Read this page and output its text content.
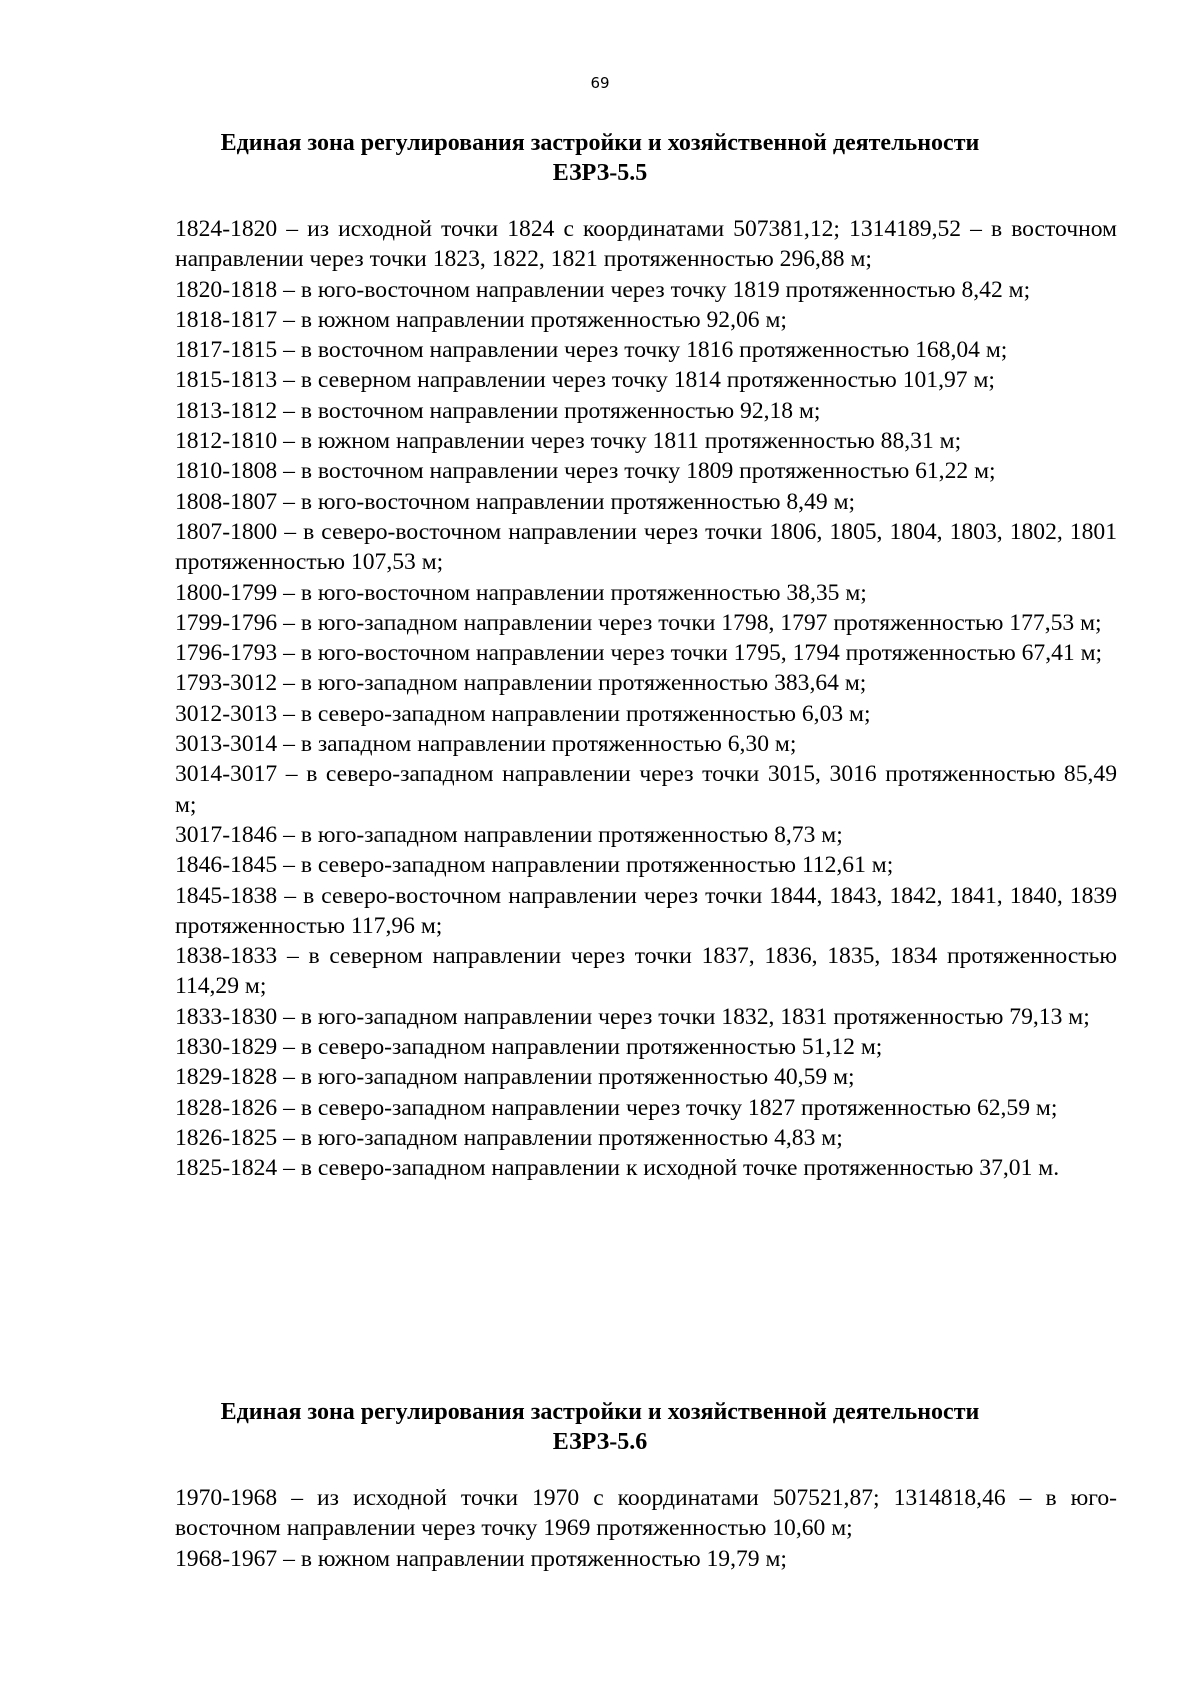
69
Единая зона регулирования застройки и хозяйственной деятельности
ЕЗРЗ-5.5
1824-1820 – из исходной точки 1824 с координатами 507381,12; 1314189,52 – в восточном направлении через точки 1823, 1822, 1821 протяженностью 296,88 м;
1820-1818 – в юго-восточном направлении через точку 1819 протяженностью 8,42 м;
1818-1817 – в южном направлении протяженностью 92,06 м;
1817-1815 – в восточном направлении через точку 1816 протяженностью 168,04 м;
1815-1813 – в северном направлении через точку 1814 протяженностью 101,97 м;
1813-1812 – в восточном направлении протяженностью 92,18 м;
1812-1810 – в южном направлении через точку 1811 протяженностью 88,31 м;
1810-1808 – в восточном направлении через точку 1809 протяженностью 61,22 м;
1808-1807 – в юго-восточном направлении протяженностью 8,49 м;
1807-1800 – в северо-восточном направлении через точки 1806, 1805, 1804, 1803, 1802, 1801 протяженностью 107,53 м;
1800-1799 – в юго-восточном направлении протяженностью 38,35 м;
1799-1796 – в юго-западном направлении через точки 1798, 1797 протяженностью 177,53 м;
1796-1793 – в юго-восточном направлении через точки 1795, 1794 протяженностью 67,41 м;
1793-3012 – в юго-западном направлении протяженностью 383,64 м;
3012-3013 – в северо-западном направлении протяженностью 6,03 м;
3013-3014 – в западном направлении протяженностью 6,30 м;
3014-3017 – в северо-западном направлении через точки 3015, 3016 протяженностью 85,49 м;
3017-1846 – в юго-западном направлении протяженностью 8,73 м;
1846-1845 – в северо-западном направлении протяженностью 112,61 м;
1845-1838 – в северо-восточном направлении через точки 1844, 1843, 1842, 1841, 1840, 1839 протяженностью 117,96 м;
1838-1833 – в северном направлении через точки 1837, 1836, 1835, 1834 протяженностью 114,29 м;
1833-1830 – в юго-западном направлении через точки 1832, 1831 протяженностью 79,13 м;
1830-1829 – в северо-западном направлении протяженностью 51,12 м;
1829-1828 – в юго-западном направлении протяженностью 40,59 м;
1828-1826 – в северо-западном направлении через точку 1827 протяженностью 62,59 м;
1826-1825 – в юго-западном направлении протяженностью 4,83 м;
1825-1824 – в северо-западном направлении к исходной точке протяженностью 37,01 м.
Единая зона регулирования застройки и хозяйственной деятельности
ЕЗРЗ-5.6
1970-1968 – из исходной точки 1970 с координатами 507521,87; 1314818,46 – в юго-восточном направлении через точку 1969 протяженностью 10,60 м;
1968-1967 – в южном направлении протяженностью 19,79 м;
